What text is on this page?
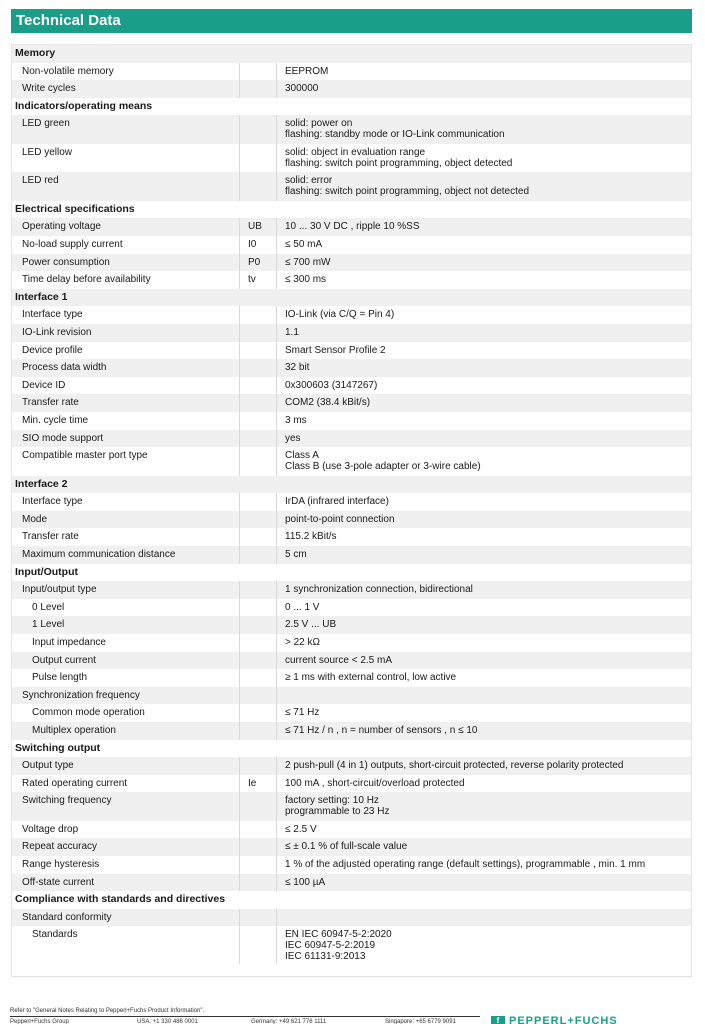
Technical Data
Memory
Non-volatile memory	EEPROM
Write cycles	300000
Indicators/operating means
LED green	solid: power on
flashing: standby mode or IO-Link communication
LED yellow	solid: object in evaluation range
flashing: switch point programming, object detected
LED red	solid: error
flashing: switch point programming, object not detected
Electrical specifications
Operating voltage	UB	10 ... 30 V DC , ripple 10 %SS
No-load supply current	I0	≤ 50 mA
Power consumption	P0	≤ 700 mW
Time delay before availability	tv	≤ 300 ms
Interface 1
Interface type	IO-Link (via C/Q = Pin 4)
IO-Link revision	1.1
Device profile	Smart Sensor Profile 2
Process data width	32 bit
Device ID	0x300603 (3147267)
Transfer rate	COM2 (38.4 kBit/s)
Min. cycle time	3 ms
SIO mode support	yes
Compatible master port type	Class A
Class B (use 3-pole adapter or 3-wire cable)
Interface 2
Interface type	IrDA (infrared interface)
Mode	point-to-point connection
Transfer rate	115.2 kBit/s
Maximum communication distance	5 cm
Input/Output
Input/output type	1 synchronization connection, bidirectional
0 Level	0 ... 1 V
1 Level	2.5 V ... UB
Input impedance	> 22 kΩ
Output current	current source < 2.5 mA
Pulse length	≥ 1 ms with external control, low active
Synchronization frequency
Common mode operation	≤ 71 Hz
Multiplex operation	≤ 71 Hz / n , n = number of sensors , n ≤ 10
Switching output
Output type	2 push-pull (4 in 1) outputs, short-circuit protected, reverse polarity protected
Rated operating current	Ie	100 mA , short-circuit/overload protected
Switching frequency	factory setting: 10 Hz
programmable to 23 Hz
Voltage drop	≤ 2.5 V
Repeat accuracy	≤ ± 0.1 % of full-scale value
Range hysteresis	1 % of the adjusted operating range (default settings), programmable , min. 1 mm
Off-state current	≤ 100 µA
Compliance with standards and directives
Standard conformity
Standards	EN IEC 60947-5-2:2020
IEC 60947-5-2:2019
IEC 61131-9:2013
Refer to "General Notes Relating to Pepperl+Fuchs Product Information".
Pepperl+Fuchs Group	USA: +1 330 486 0001	Germany: +49 621 776 1111	Singapore: +65 6779 9091	f PEPPERL+FUCHS
